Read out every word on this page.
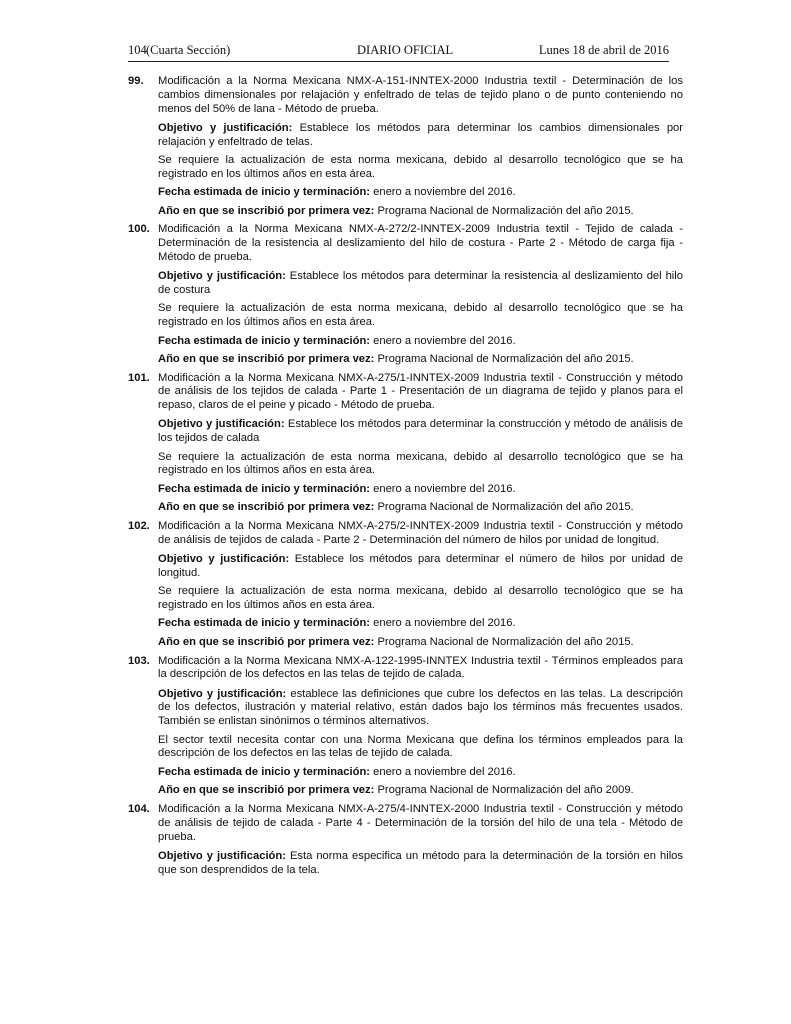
104 (Cuarta Sección)	DIARIO OFICIAL	Lunes 18 de abril de 2016
99. Modificación a la Norma Mexicana NMX-A-151-INNTEX-2000 Industria textil - Determinación de los cambios dimensionales por relajación y enfeltrado de telas de tejido plano o de punto conteniendo no menos del 50% de lana - Método de prueba.

Objetivo y justificación: Establece los métodos para determinar los cambios dimensionales por relajación y enfeltrado de telas.

Se requiere la actualización de esta norma mexicana, debido al desarrollo tecnológico que se ha registrado en los últimos años en esta área.

Fecha estimada de inicio y terminación: enero a noviembre del 2016.

Año en que se inscribió por primera vez: Programa Nacional de Normalización del año 2015.

100. Modificación a la Norma Mexicana NMX-A-272/2-INNTEX-2009 Industria textil - Tejido de calada - Determinación de la resistencia al deslizamiento del hilo de costura - Parte 2 - Método de carga fija - Método de prueba.

Objetivo y justificación: Establece los métodos para determinar la resistencia al deslizamiento del hilo de costura

Se requiere la actualización de esta norma mexicana, debido al desarrollo tecnológico que se ha registrado en los últimos años en esta área.

Fecha estimada de inicio y terminación: enero a noviembre del 2016.

Año en que se inscribió por primera vez: Programa Nacional de Normalización del año 2015.

101. Modificación a la Norma Mexicana NMX-A-275/1-INNTEX-2009 Industria textil - Construcción y método de análisis de los tejidos de calada - Parte 1 - Presentación de un diagrama de tejido y planos para el repaso, claros de el peine y picado - Método de prueba.

Objetivo y justificación: Establece los métodos para determinar la construcción y método de análisis de los tejidos de calada

Se requiere la actualización de esta norma mexicana, debido al desarrollo tecnológico que se ha registrado en los últimos años en esta área.

Fecha estimada de inicio y terminación: enero a noviembre del 2016.

Año en que se inscribió por primera vez: Programa Nacional de Normalización del año 2015.

102. Modificación a la Norma Mexicana NMX-A-275/2-INNTEX-2009 Industria textil - Construcción y método de análisis de tejidos de calada - Parte 2 - Determinación del número de hilos por unidad de longitud.

Objetivo y justificación: Establece los métodos para determinar el número de hilos por unidad de longitud.

Se requiere la actualización de esta norma mexicana, debido al desarrollo tecnológico que se ha registrado en los últimos años en esta área.

Fecha estimada de inicio y terminación: enero a noviembre del 2016.

Año en que se inscribió por primera vez: Programa Nacional de Normalización del año 2015.

103. Modificación a la Norma Mexicana NMX-A-122-1995-INNTEX Industria textil - Términos empleados para la descripción de los defectos en las telas de tejido de calada.

Objetivo y justificación: establece las definiciones que cubre los defectos en las telas. La descripción de los defectos, ilustración y material relativo, están dados bajo los términos más frecuentes usados. También se enlistan sinónimos o términos alternativos.

El sector textil necesita contar con una Norma Mexicana que defina los términos empleados para la descripción de los defectos en las telas de tejido de calada.

Fecha estimada de inicio y terminación: enero a noviembre del 2016.

Año en que se inscribió por primera vez: Programa Nacional de Normalización del año 2009.

104. Modificación a la Norma Mexicana NMX-A-275/4-INNTEX-2000 Industria textil - Construcción y método de análisis de tejido de calada - Parte 4 - Determinación de la torsión del hilo de una tela - Método de prueba.

Objetivo y justificación: Esta norma especifica un método para la determinación de la torsión en hilos que son desprendidos de la tela.
